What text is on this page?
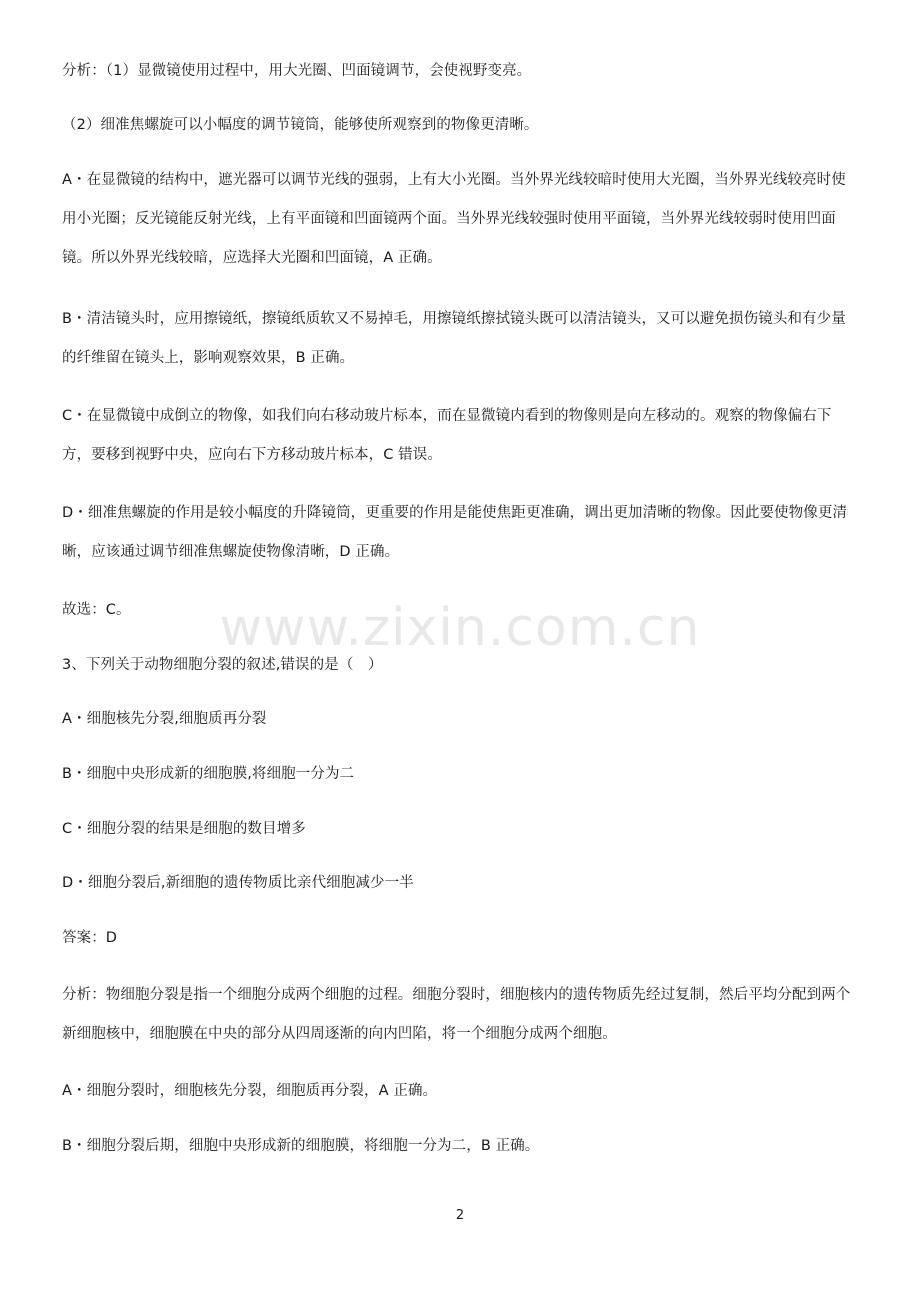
分析：（1）显微镜使用过程中，用大光圈、凹面镜调节，会使视野变亮。

（2）细准焦螺旋可以小幅度的调节镜筒，能够使所观察到的物像更清晰。

A・在显微镜的结构中，遮光器可以调节光线的强弱，上有大小光圈。当外界光线较暗时使用大光圈，当外界光线较亮时使用小光圈；反光镜能反射光线，上有平面镜和凹面镜两个面。当外界光线较强时使用平面镜，当外界光线较弱时使用凹面镜。所以外界光线较暗，应选择大光圈和凹面镜，A 正确。

B・清洁镜头时，应用擦镜纸，擦镜纸质软又不易掉毛，用擦镜纸擦拭镜头既可以清洁镜头，又可以避免损伤镜头和有少量的纤维留在镜头上，影响观察效果，B 正确。

C・在显微镜中成倒立的物像，如我们向右移动玻片标本，而在显微镜内看到的物像则是向左移动的。观察的物像偏右下方，要移到视野中央，应向右下方移动玻片标本，C 错误。

D・细准焦螺旋的作用是较小幅度的升降镜筒，更重要的作用是能使焦距更准确，调出更加清晰的物像。因此要使物像更清晰，应该通过调节细准焦螺旋使物像清晰，D 正确。

故选：C。

3、下列关于动物细胞分裂的叙述,错误的是（　）

A・细胞核先分裂,细胞质再分裂

B・细胞中央形成新的细胞膜,将细胞一分为二

C・细胞分裂的结果是细胞的数目增多

D・细胞分裂后,新细胞的遗传物质比亲代细胞减少一半

答案：D

分析：物细胞分裂是指一个细胞分成两个细胞的过程。细胞分裂时，细胞核内的遗传物质先经过复制，然后平均分配到两个新细胞核中，细胞膜在中央的部分从四周逐渐的向内凹陷，将一个细胞分成两个细胞。

A・细胞分裂时，细胞核先分裂，细胞质再分裂，A 正确。

B・细胞分裂后期，细胞中央形成新的细胞膜，将细胞一分为二，B 正确。

www.zixin.com.cn
2
